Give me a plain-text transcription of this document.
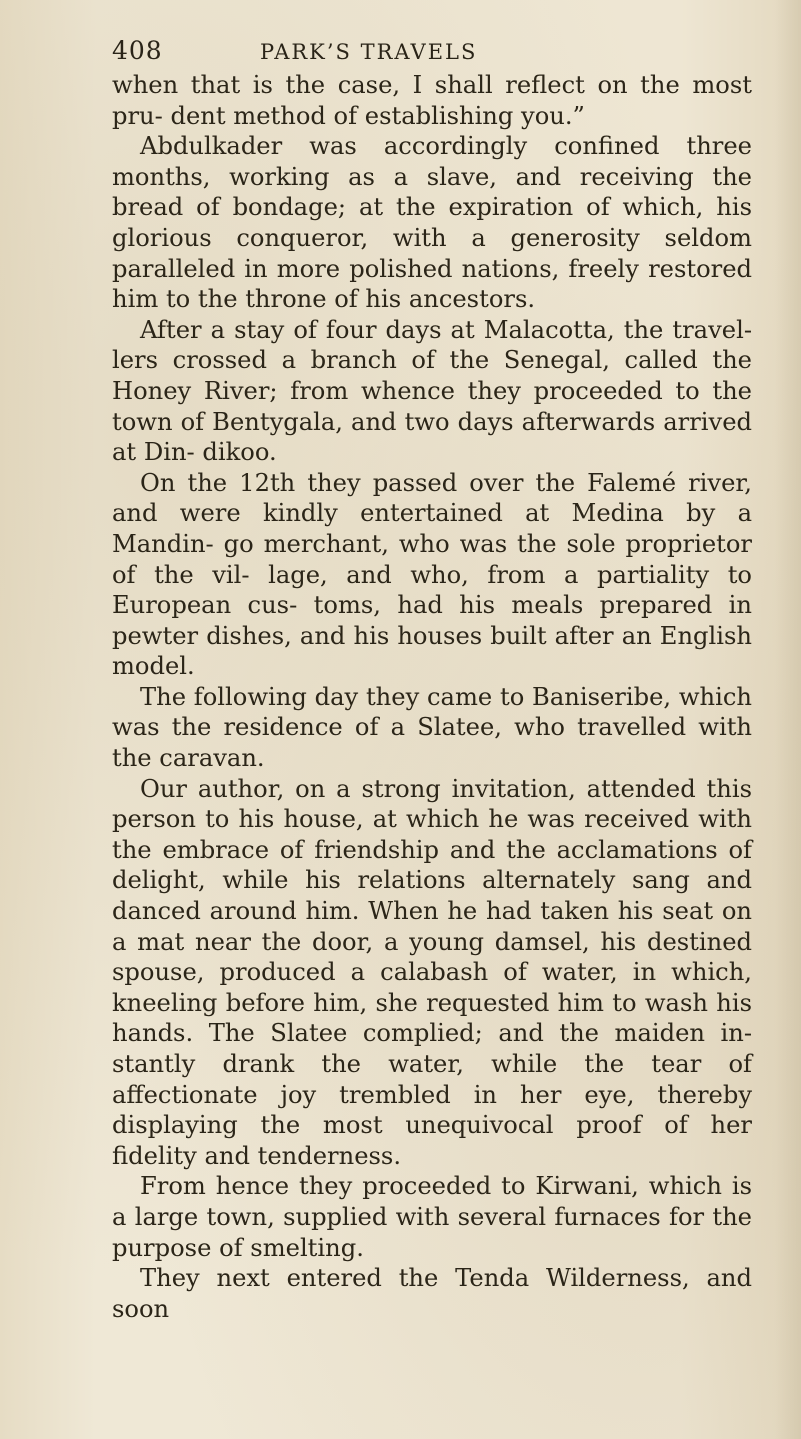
408	PARK’S TRAVELS

when that is the case, I shall reflect on the most pru- dent method of establishing you.”

Abdulkader was accordingly confined three months, working as a slave, and receiving the bread of bondage; at the expiration of which, his glorious conqueror, with a generosity seldom paralleled in more polished nations, freely restored him to the throne of his ancestors.

After a stay of four days at Malacotta, the travel- lers crossed a branch of the Senegal, called the Honey River; from whence they proceeded to the town of Bentygala, and two days afterwards arrived at Din- dikoo.

On the 12th they passed over the Falemé river, and were kindly entertained at Medina by a Mandin- go merchant, who was the sole proprietor of the vil- lage, and who, from a partiality to European cus- toms, had his meals prepared in pewter dishes, and his houses built after an English model.

The following day they came to Baniseribe, which was the residence of a Slatee, who travelled with the caravan.

Our author, on a strong invitation, attended this person to his house, at which he was received with the embrace of friendship and the acclamations of delight, while his relations alternately sang and danced around him. When he had taken his seat on a mat near the door, a young damsel, his destined spouse, produced a calabash of water, in which, kneeling before him, she requested him to wash his hands. The Slatee complied; and the maiden in- stantly drank the water, while the tear of affectionate joy trembled in her eye, thereby displaying the most unequivocal proof of her fidelity and tenderness.

From hence they proceeded to Kirwani, which is a large town, supplied with several furnaces for the purpose of smelting.

They next entered the Tenda Wilderness, and soon
